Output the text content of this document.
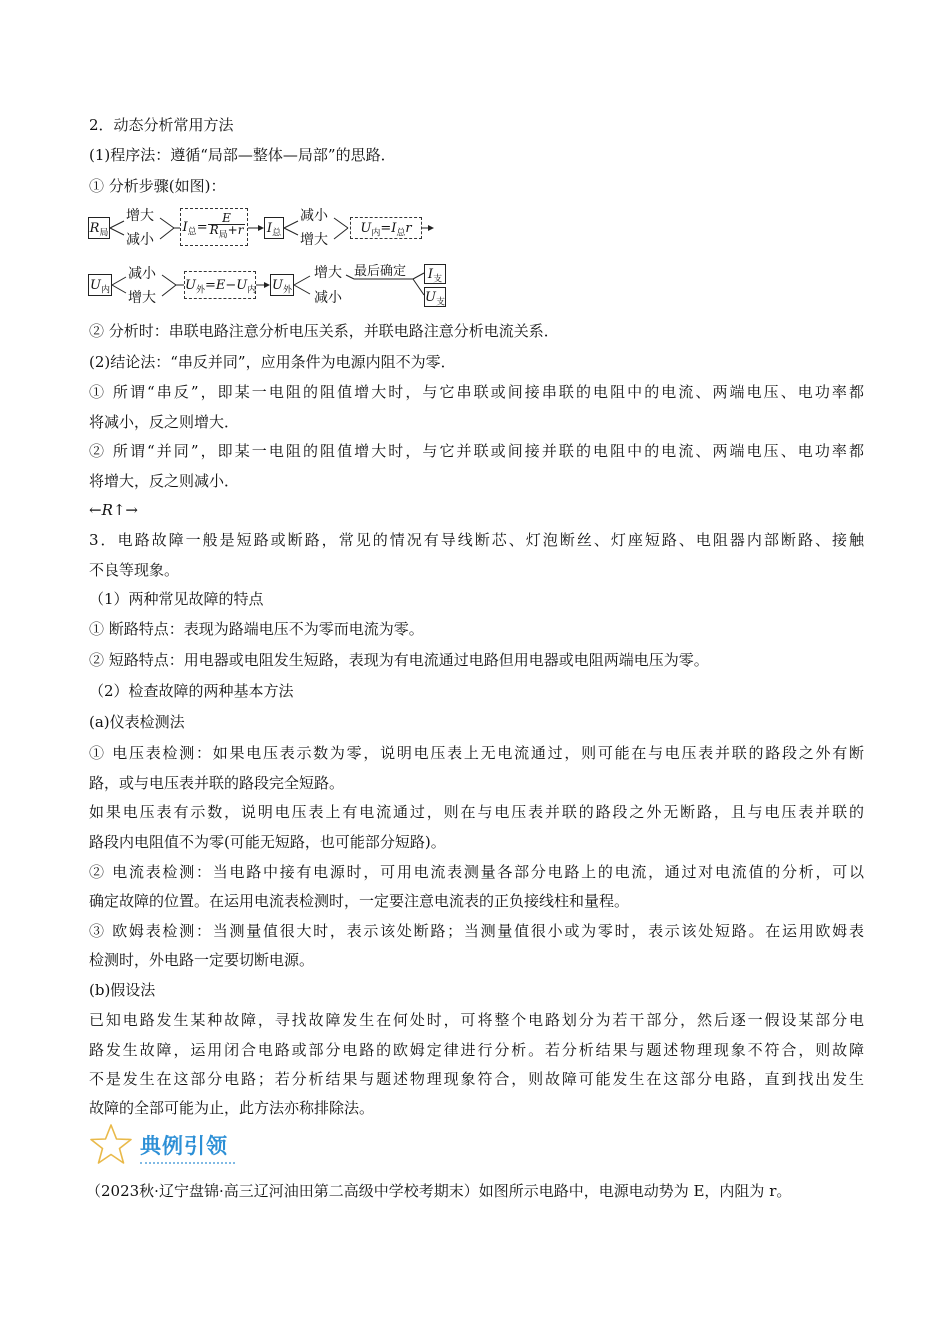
2．动态分析常用方法
(1)程序法：遵循“局部—整体—局部”的思路．
① 分析步骤(如图)：
$R_局$
增大
减小
$I_总= \frac{E}{R_局+r} I_总$
减小
增大
$U_内=I_总r$
$U_内$
减小
增大
$U_外=E-U_内$ $U_外$
增大
减小
最后确定	$I_支$
$U_支$
② 分析时：串联电路注意分析电压关系，并联电路注意分析电流关系．
(2)结论法：“串反并同”，应用条件为电源内阻不为零．
① 所谓“串反”，即某一电阻的阻值增大时，与它串联或间接串联的电阻中的电流、两端电压、电功率都
将减小，反之则增大．
② 所谓“并同”，即某一电阻的阻值增大时，与它并联或间接并联的电阻中的电流、两端电压、电功率都
将增大，反之则减小．
←R↑→
3．电路故障一般是短路或断路，常见的情况有导线断芯、灯泡断丝、灯座短路、电阻器内部断路、接触
不良等现象。
（1）两种常见故障的特点
① 断路特点：表现为路端电压不为零而电流为零。
② 短路特点：用电器或电阻发生短路，表现为有电流通过电路但用电器或电阻两端电压为零。
（2）检查故障的两种基本方法
(a)仪表检测法
① 电压表检测：如果电压表示数为零，说明电压表上无电流通过，则可能在与电压表并联的路段之外有断
路，或与电压表并联的路段完全短路。
如果电压表有示数，说明电压表上有电流通过，则在与电压表并联的路段之外无断路，且与电压表并联的
路段内电阻值不为零(可能无短路，也可能部分短路)。
② 电流表检测：当电路中接有电源时，可用电流表测量各部分电路上的电流，通过对电流值的分析，可以
确定故障的位置。在运用电流表检测时，一定要注意电流表的正负接线柱和量程。
③ 欧姆表检测：当测量值很大时，表示该处断路；当测量值很小或为零时，表示该处短路。在运用欧姆表
检测时，外电路一定要切断电源。
(b)假设法
已知电路发生某种故障，寻找故障发生在何处时，可将整个电路划分为若干部分，然后逐一假设某部分电
路发生故障，运用闭合电路或部分电路的欧姆定律进行分析。若分析结果与题述物理现象不符合，则故障
不是发生在这部分电路；若分析结果与题述物理现象符合，则故障可能发生在这部分电路，直到找出发生
故障的全部可能为止，此方法亦称排除法。
典例引领
（2023秋·辽宁盘锦·高三辽河油田第二高级中学校考期末）如图所示电路中，电源电动势为 E，内阻为 r。
